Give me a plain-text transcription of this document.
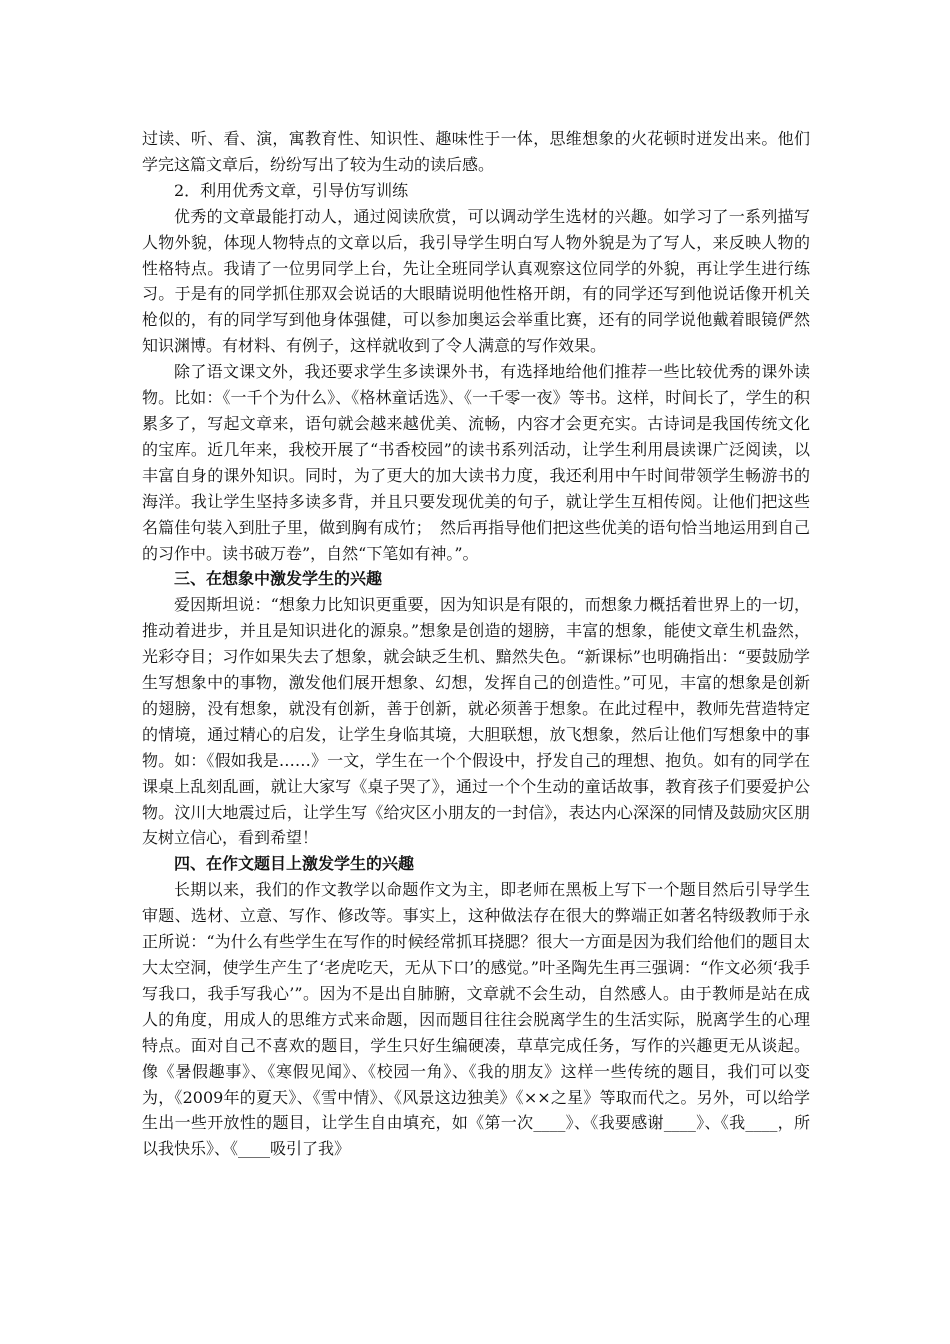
过读、听、看、演，寓教育性、知识性、趣味性于一体，思维想象的火花顿时迸发出来。他们学完这篇文章后，纷纷写出了较为生动的读后感。

2．利用优秀文章，引导仿写训练

优秀的文章最能打动人，通过阅读欣赏，可以调动学生选材的兴趣。如学习了一系列描写人物外貌，体现人物特点的文章以后，我引导学生明白写人物外貌是为了写人，来反映人物的性格特点。我请了一位男同学上台，先让全班同学认真观察这位同学的外貌，再让学生进行练习。于是有的同学抓住那双会说话的大眼睛说明他性格开朗，有的同学还写到他说话像开机关枪似的，有的同学写到他身体强健，可以参加奥运会举重比赛，还有的同学说他戴着眼镜俨然知识渊博。有材料、有例子，这样就收到了令人满意的写作效果。

除了语文课文外，我还要求学生多读课外书，有选择地给他们推荐一些比较优秀的课外读物。比如：《一千个为什么》、《格林童话选》、《一千零一夜》等书。这样，时间长了，学生的积累多了，写起文章来，语句就会越来越优美、流畅，内容才会更充实。古诗词是我国传统文化的宝库。近几年来，我校开展了“书香校园”的读书系列活动，让学生利用晨读课广泛阅读，以丰富自身的课外知识。同时，为了更大的加大读书力度，我还利用中午时间带领学生畅游书的海洋。我让学生坚持多读多背，并且只要发现优美的句子，就让学生互相传阅。让他们把这些名篇佳句装入到肚子里，做到胸有成竹；　然后再指导他们把这些优美的语句恰当地运用到自己的习作中。读书破万卷”，自然“下笔如有神。”。

三、在想象中激发学生的兴趣

爱因斯坦说：“想象力比知识更重要，因为知识是有限的，而想象力概括着世界上的一切，推动着进步，并且是知识进化的源泉。”想象是创造的翅膀，丰富的想象，能使文章生机盎然，光彩夺目；习作如果失去了想象，就会缺乏生机、黯然失色。“新课标”也明确指出：“要鼓励学生写想象中的事物，激发他们展开想象、幻想，发挥自己的创造性。”可见，丰富的想象是创新的翅膀，没有想象，就没有创新，善于创新，就必须善于想象。在此过程中，教师先营造特定的情境，通过精心的启发，让学生身临其境，大胆联想，放飞想象，然后让他们写想象中的事物。如：《假如我是……》一文，学生在一个个假设中，抒发自己的理想、抱负。如有的同学在课桌上乱刻乱画，就让大家写《桌子哭了》，通过一个个生动的童话故事，教育孩子们要爱护公物。汶川大地震过后，让学生写《给灾区小朋友的一封信》，表达内心深深的同情及鼓励灾区朋友树立信心，看到希望！

四、在作文题目上激发学生的兴趣

长期以来，我们的作文教学以命题作文为主，即老师在黑板上写下一个题目然后引导学生审题、选材、立意、写作、修改等。事实上，这种做法存在很大的弊端正如著名特级教师于永正所说：“为什么有些学生在写作的时候经常抓耳挠腮？很大一方面是因为我们给他们的题目太大太空洞，使学生产生了‘老虎吃天，无从下口’的感觉。”叶圣陶先生再三强调：“作文必须‘我手写我口，我手写我心’”。因为不是出自肺腑，文章就不会生动，自然感人。由于教师是站在成人的角度，用成人的思维方式来命题，因而题目往往会脱离学生的生活实际，脱离学生的心理特点。面对自己不喜欢的题目，学生只好生编硬凑，草草完成任务，写作的兴趣更无从谈起。像《暑假趣事》、《寒假见闻》、《校园一角》、《我的朋友》这样一些传统的题目，我们可以变为，《2009年的夏天》、《雪中情》、《风景这边独美》《××之星》等取而代之。另外，可以给学生出一些开放性的题目，让学生自由填充，如《第一次____》、《我要感谢____》、《我____，所以我快乐》、《____吸引了我》
